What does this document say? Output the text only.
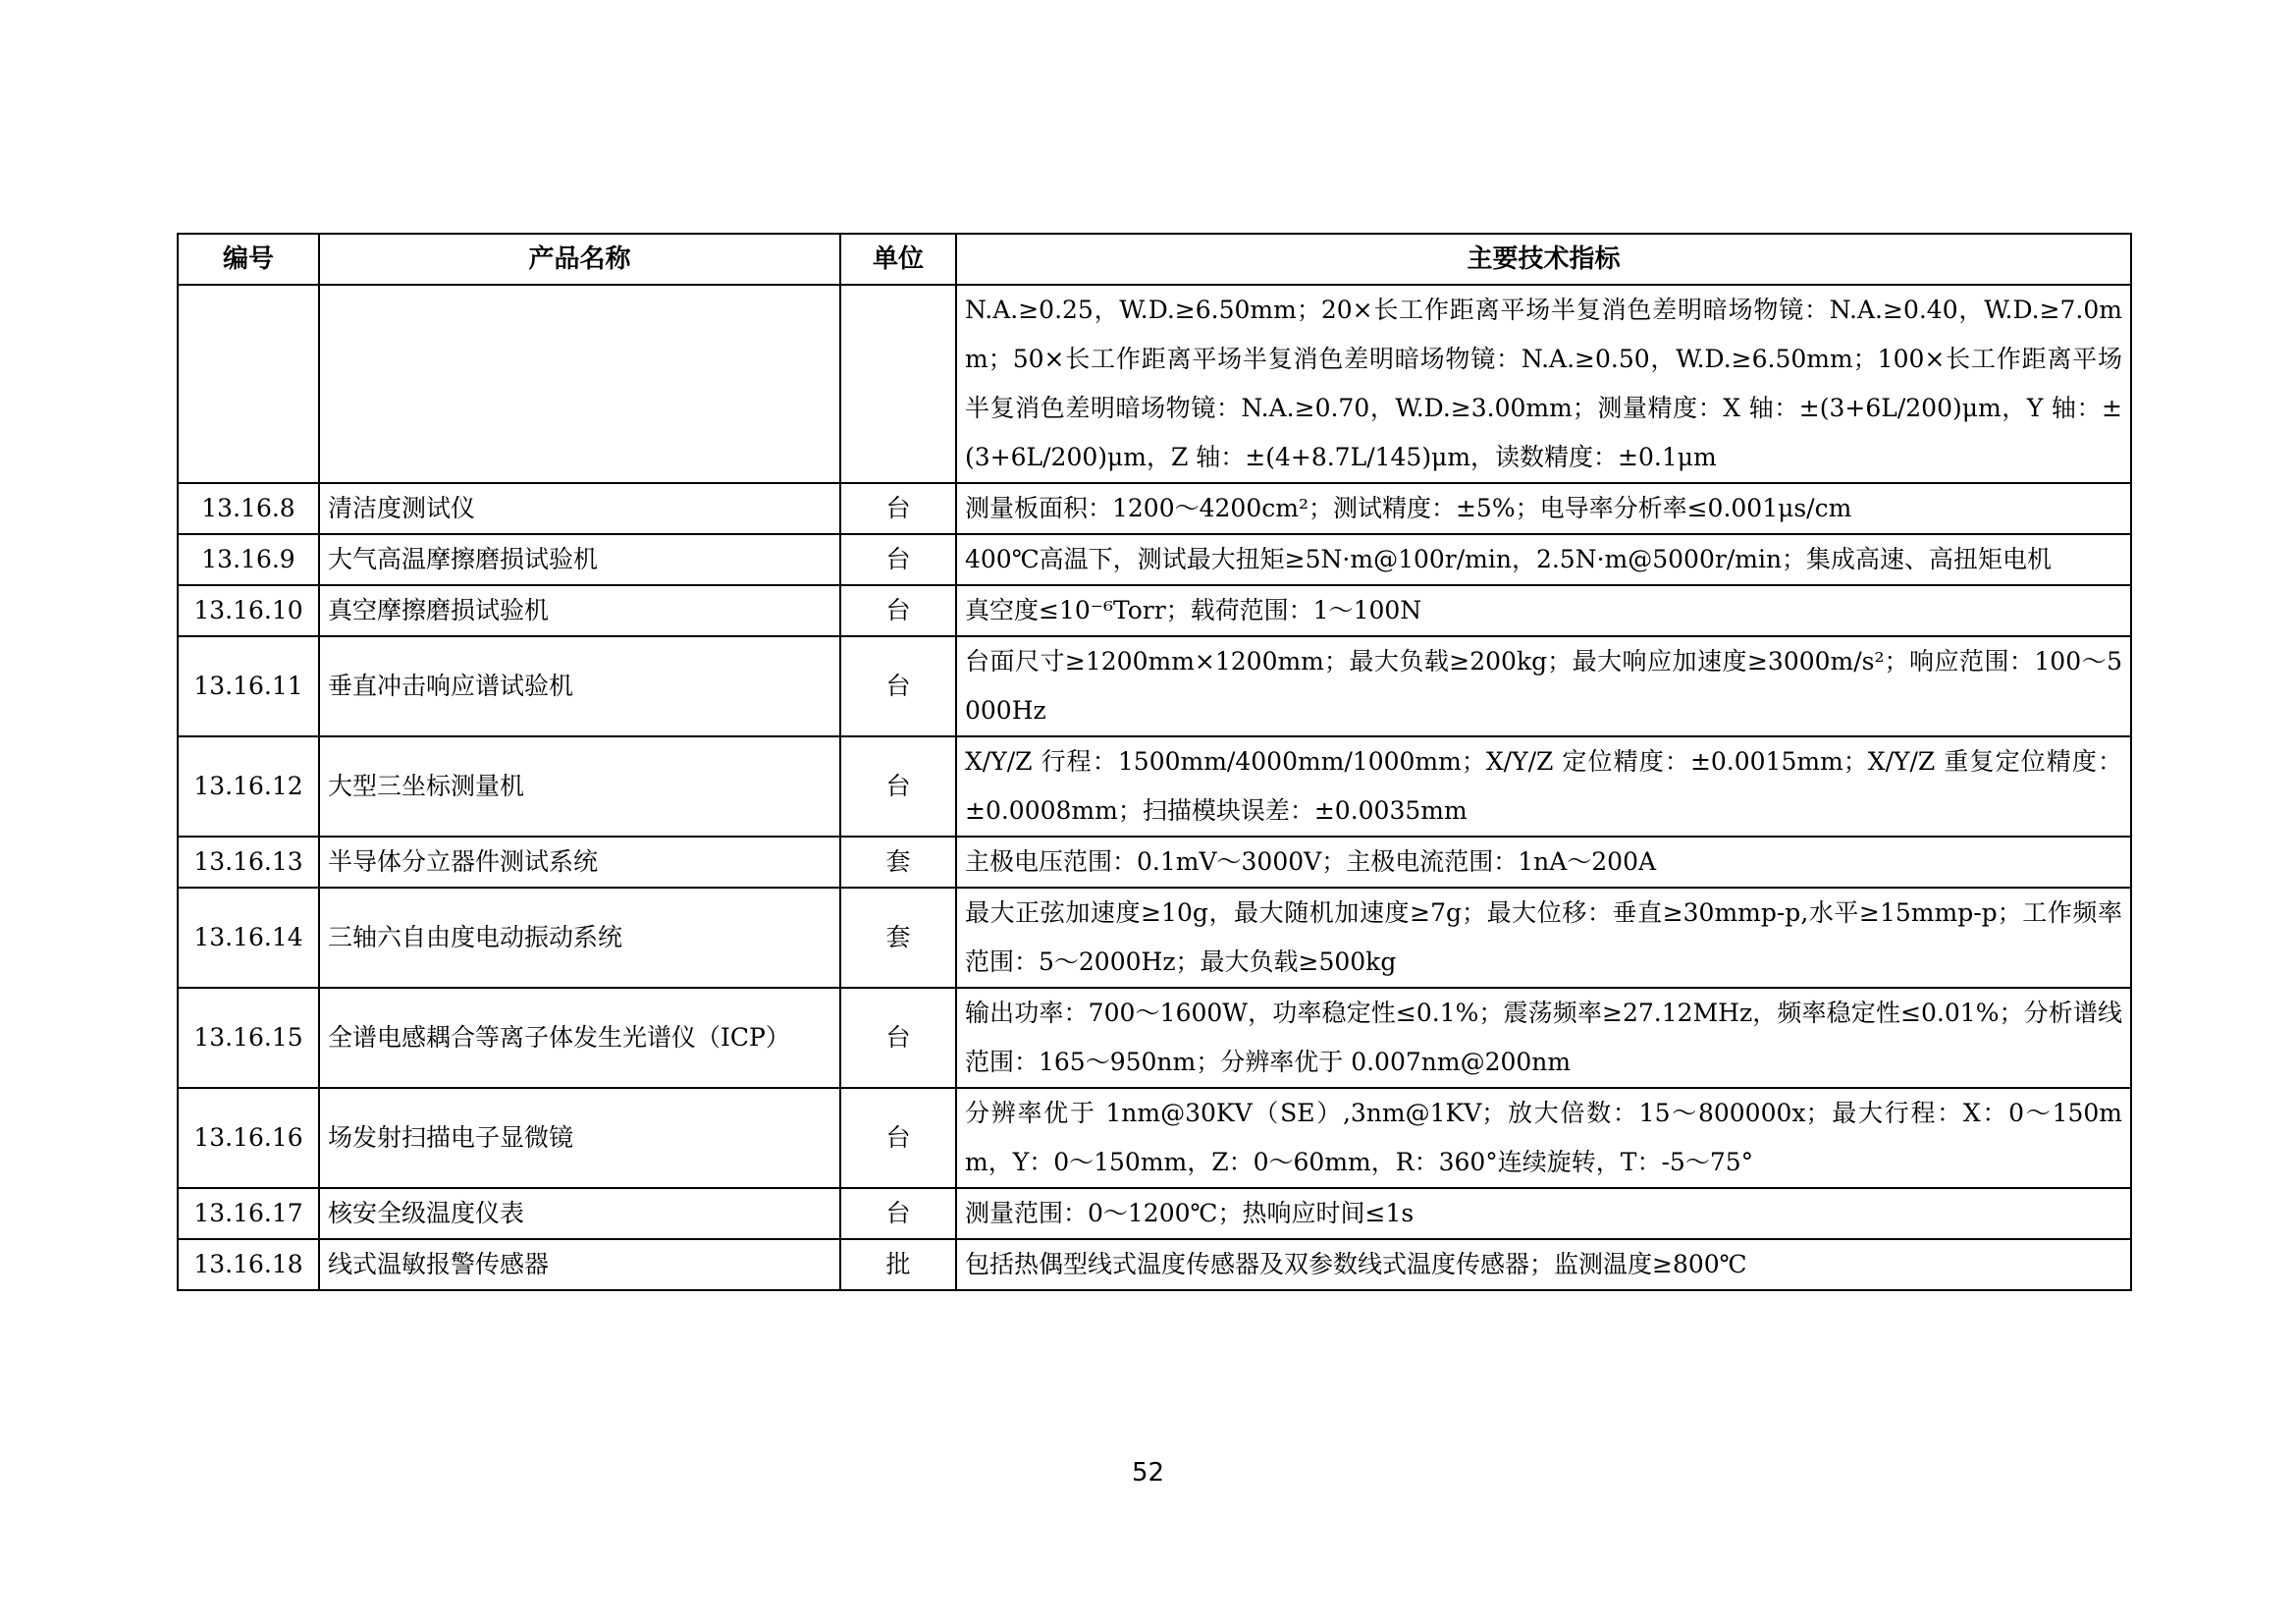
编号	产品名称	单位	主要技术指标
			N.A.≥0.25，W.D.≥6.50mm；20×长工作距离平场半复消色差明暗场物镜：N.A.≥0.40，W.D.≥7.0mm；50×长工作距离平场半复消色差明暗场物镜：N.A.≥0.50，W.D.≥6.50mm；100×长工作距离平场半复消色差明暗场物镜：N.A.≥0.70，W.D.≥3.00mm；测量精度：X 轴：±(3+6L/200)μm，Y 轴：±(3+6L/200)μm，Z 轴：±(4+8.7L/145)μm，读数精度：±0.1μm
13.16.8	清洁度测试仪	台	测量板面积：1200～4200cm²；测试精度：±5%；电导率分析率≤0.001μs/cm
13.16.9	大气高温摩擦磨损试验机	台	400℃高温下，测试最大扭矩≥5N·m@100r/min，2.5N·m@5000r/min；集成高速、高扭矩电机
13.16.10	真空摩擦磨损试验机	台	真空度≤10⁻⁶Torr；载荷范围：1～100N
13.16.11	垂直冲击响应谱试验机	台	台面尺寸≥1200mm×1200mm；最大负载≥200kg；最大响应加速度≥3000m/s²；响应范围：100～5000Hz
13.16.12	大型三坐标测量机	台	X/Y/Z 行程：1500mm/4000mm/1000mm；X/Y/Z 定位精度：±0.0015mm；X/Y/Z 重复定位精度：±0.0008mm；扫描模块误差：±0.0035mm
13.16.13	半导体分立器件测试系统	套	主极电压范围：0.1mV～3000V；主极电流范围：1nA～200A
13.16.14	三轴六自由度电动振动系统	套	最大正弦加速度≥10g，最大随机加速度≥7g；最大位移：垂直≥30mmp-p,水平≥15mmp-p；工作频率范围：5～2000Hz；最大负载≥500kg
13.16.15	全谱电感耦合等离子体发生光谱仪（ICP）	台	输出功率：700～1600W，功率稳定性≤0.1%；震荡频率≥27.12MHz，频率稳定性≤0.01%；分析谱线范围：165～950nm；分辨率优于 0.007nm@200nm
13.16.16	场发射扫描电子显微镜	台	分辨率优于 1nm@30KV（SE）,3nm@1KV；放大倍数：15～800000x；最大行程：X：0～150mm，Y：0～150mm，Z：0～60mm，R：360°连续旋转，T：-5～75°
13.16.17	核安全级温度仪表	台	测量范围：0～1200℃；热响应时间≤1s
13.16.18	线式温敏报警传感器	批	包括热偶型线式温度传感器及双参数线式温度传感器；监测温度≥800℃
52
